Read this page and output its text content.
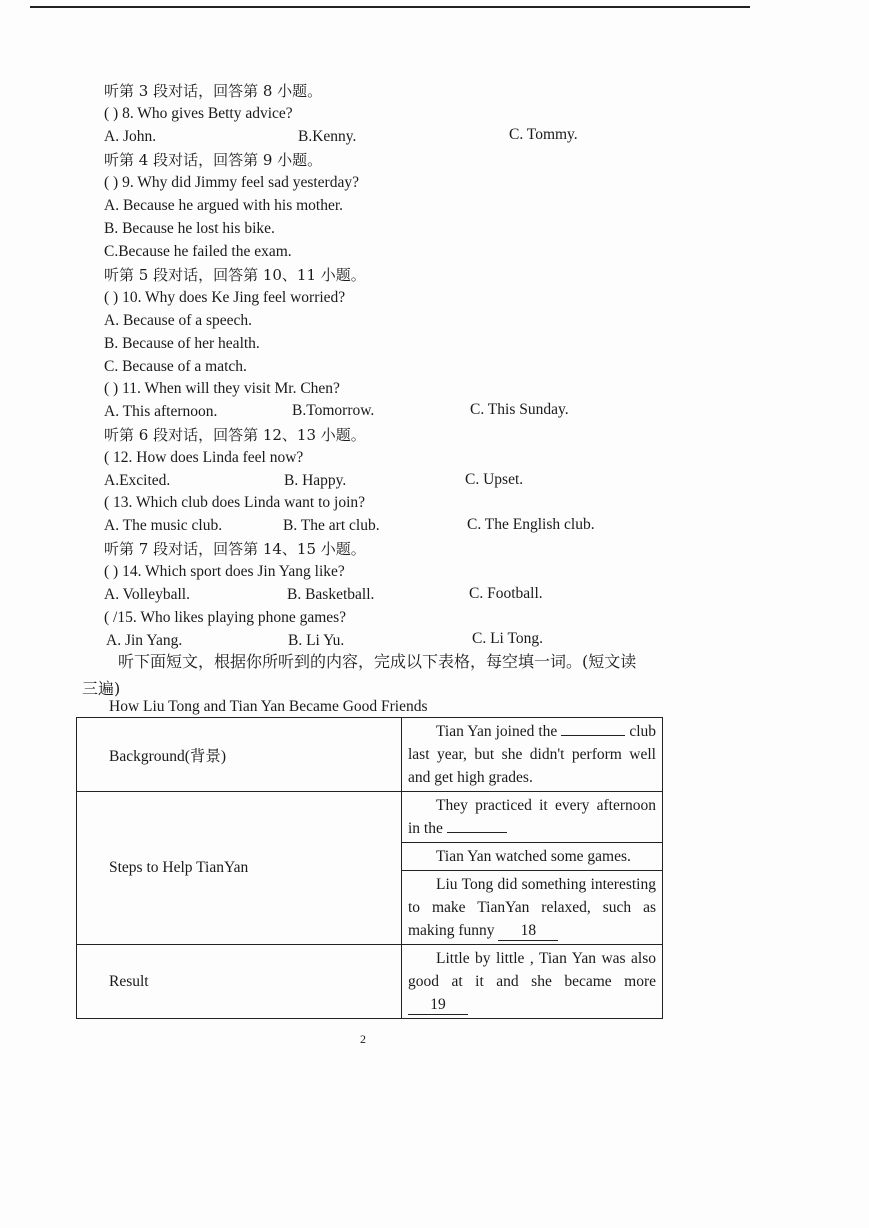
听第 3 段对话，回答第 8 小题。
( ) 8. Who gives Betty advice?
A. John.	B.Kenny.	C. Tommy.
听第 4 段对话，回答第 9 小题。
( ) 9. Why did Jimmy feel sad yesterday?
A. Because he argued with his mother.
B. Because he lost his bike.
C.Because he failed the exam.
听第 5 段对话，回答第 10、11 小题。
( ) 10. Why does Ke Jing feel worried?
A. Because of a speech.
B. Because of her health.
C. Because of a match.
( ) 11. When will they visit Mr. Chen?
A. This afternoon.	B.Tomorrow.	C. This Sunday.
听第 6 段对话，回答第 12、13 小题。
( 12. How does Linda feel now?
A.Excited.	B. Happy.	C. Upset.
( 13. Which club does Linda want to join?
A. The music club.	B. The art club.	C. The English club.
听第 7 段对话，回答第 14、15 小题。
( ) 14. Which sport does Jin Yang like?
A. Volleyball.	B. Basketball.	C. Football.
( /15. Who likes playing phone games?
A. Jin Yang.	B. Li Yu.	C. Li Tong.
听下面短文，根据你所听到的内容，完成以下表格，每空填一词。(短文读
三遍)
How Liu Tong and Tian Yan Became Good Friends
Background(背景)	Tian Yan joined the club last year, but she didn't perform well and get high grades.
Steps to Help TianYan	They practiced it every afternoon in the
	Tian Yan watched some games.
	Liu Tong did something interesting to make TianYan relaxed, such as making funny 18
Result	Little by little , Tian Yan was also good at it and she became more 19
2
